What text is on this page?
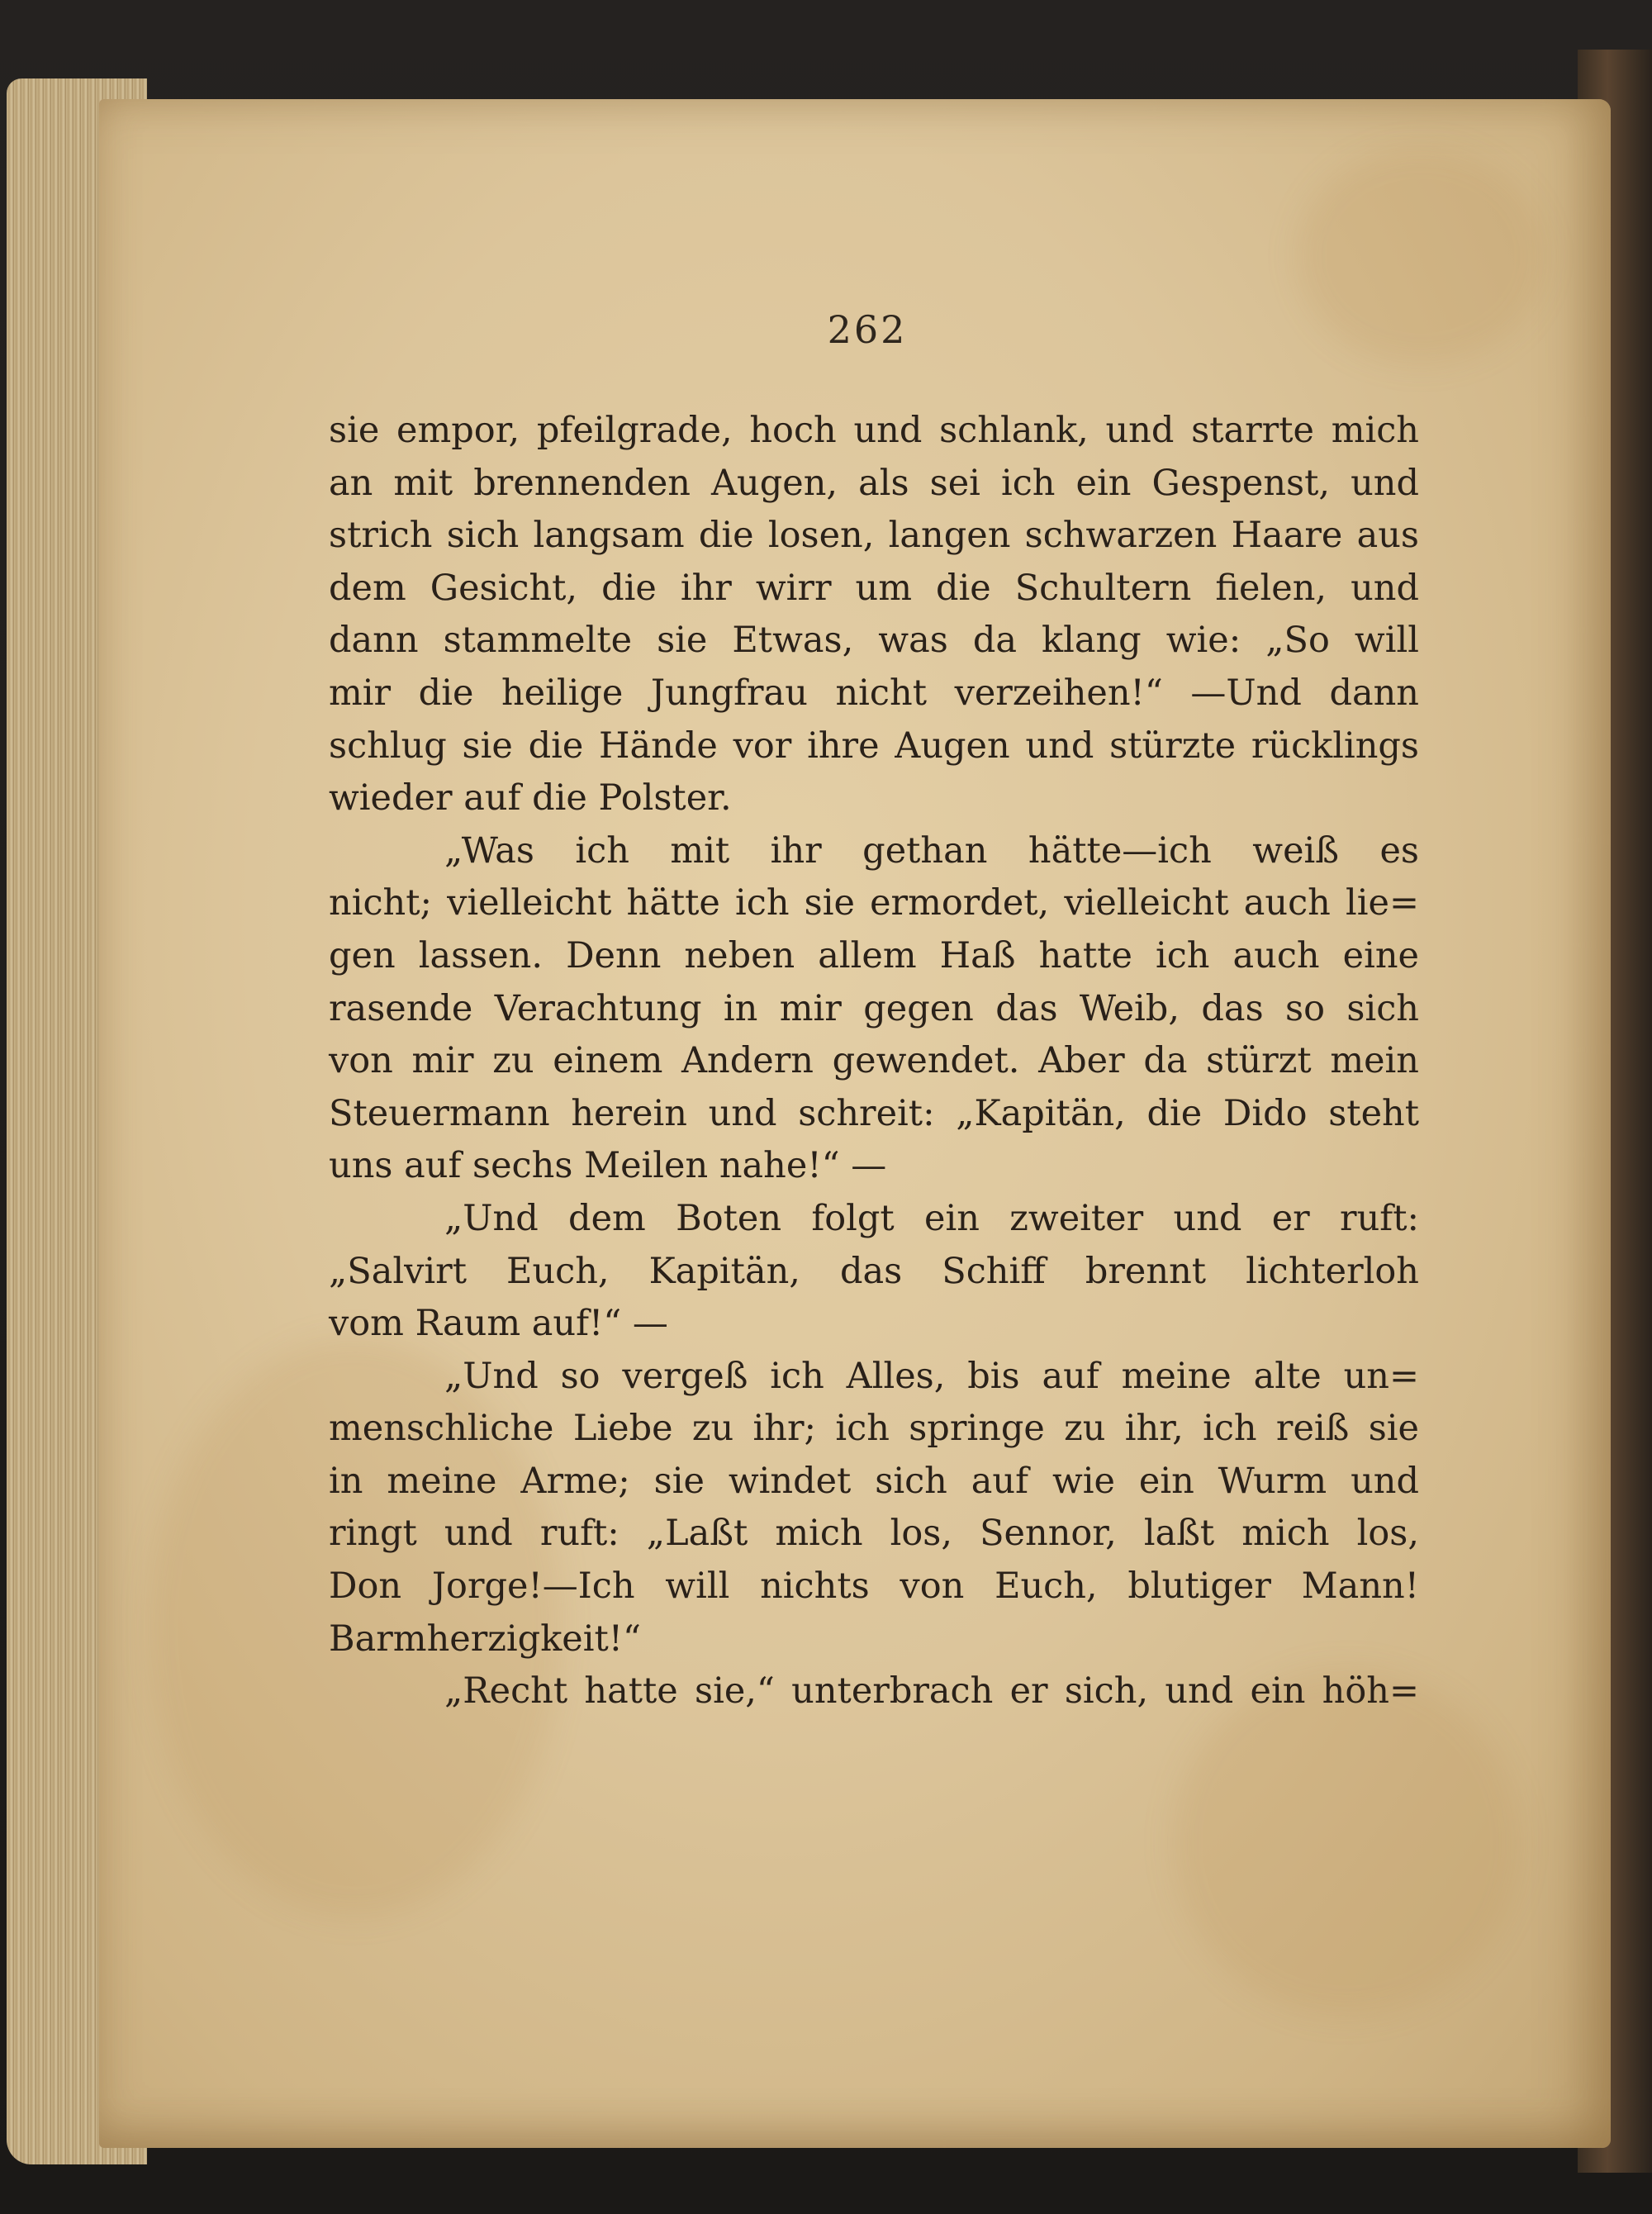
262
sie empor, pfeilgrade, hoch und schlank, und starrte mich
an mit brennenden Augen, als sei ich ein Gespenst, und
strich sich langsam die losen, langen schwarzen Haare aus
dem Gesicht, die ihr wirr um die Schultern fielen, und
dann stammelte sie Etwas, was da klang wie: „So will
mir die heilige Jungfrau nicht verzeihen!“ —Und dann
schlug sie die Hände vor ihre Augen und stürzte rücklings
wieder auf die Polster.
„Was ich mit ihr gethan hätte—ich weiß es
nicht; vielleicht hätte ich sie ermordet, vielleicht auch lie=
gen lassen. Denn neben allem Haß hatte ich auch eine
rasende Verachtung in mir gegen das Weib, das so sich
von mir zu einem Andern gewendet. Aber da stürzt mein
Steuermann herein und schreit: „Kapitän, die Dido steht
uns auf sechs Meilen nahe!“ —
„Und dem Boten folgt ein zweiter und er ruft:
„Salvirt Euch, Kapitän, das Schiff brennt lichterloh
vom Raum auf!“ —
„Und so vergeß ich Alles, bis auf meine alte un=
menschliche Liebe zu ihr; ich springe zu ihr, ich reiß sie
in meine Arme; sie windet sich auf wie ein Wurm und
ringt und ruft: „Laßt mich los, Sennor, laßt mich los,
Don Jorge!—Ich will nichts von Euch, blutiger Mann!
Barmherzigkeit!“
„Recht hatte sie,“ unterbrach er sich, und ein höh=
